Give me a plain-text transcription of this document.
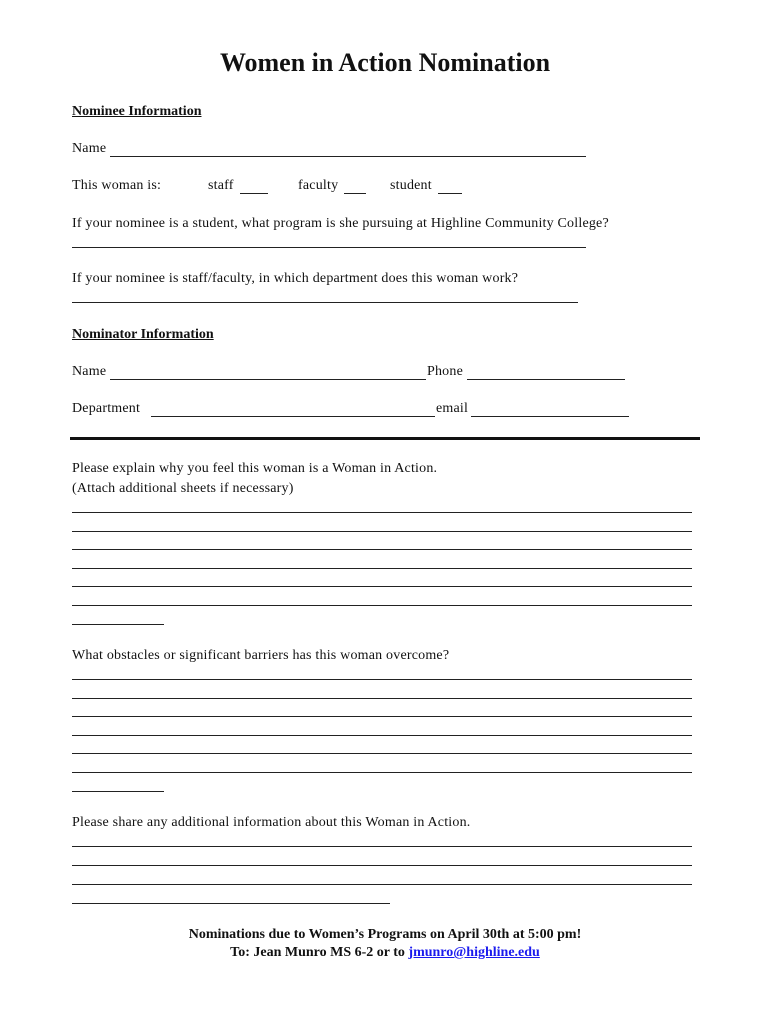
Women in Action Nomination
Nominee Information
Name
This woman is:	staff	faculty	student
If your nominee is a student, what program is she pursuing at Highline Community College?
If your nominee is staff/faculty, in which department does this woman work?
Nominator Information
Name	Phone
Department	email
Please explain why you feel this woman is a Woman in Action.
(Attach additional sheets if necessary)
What obstacles or significant barriers has this woman overcome?
Please share any additional information about this Woman in Action.
Nominations due to Women’s Programs on April 30th at 5:00 pm!
To: Jean Munro MS 6-2 or to jmunro@highline.edu
